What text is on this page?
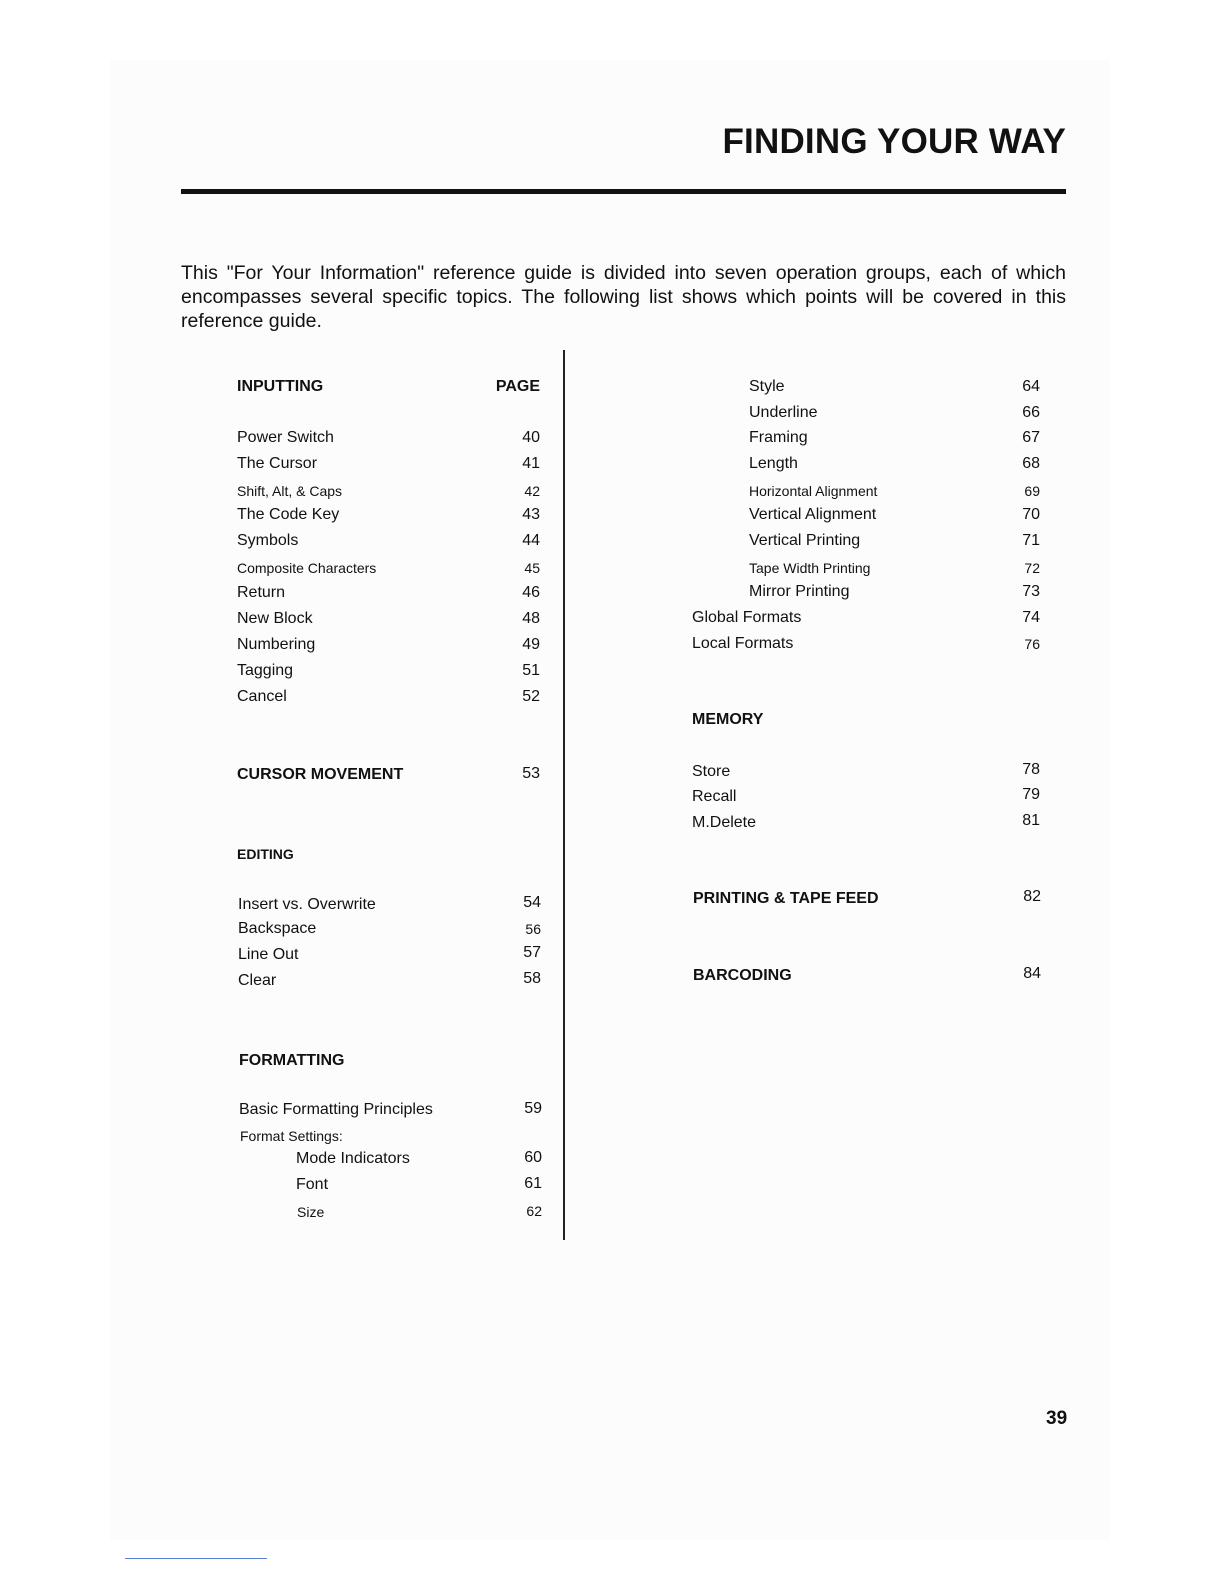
FINDING YOUR WAY
This "For Your Information" reference guide is divided into seven operation groups, each of which encompasses several specific topics. The following list shows which points will be covered in this reference guide.
INPUTTING	PAGE
Power Switch	40
The Cursor	41
Shift, Alt, & Caps	42
The Code Key	43
Symbols	44
Composite Characters	45
Return	46
New Block	48
Numbering	49
Tagging	51
Cancel	52
CURSOR MOVEMENT	53
EDITING
Insert vs. Overwrite	54
Backspace	56
Line Out	57
Clear	58
FORMATTING
Basic Formatting Principles	59
Format Settings:
Mode Indicators	60
Font	61
Size	62
Style	64
Underline	66
Framing	67
Length	68
Horizontal Alignment	69
Vertical Alignment	70
Vertical Printing	71
Tape Width Printing	72
Mirror Printing	73
Global Formats	74
Local Formats	76
MEMORY
Store	78
Recall	79
M.Delete	81
PRINTING & TAPE FEED	82
BARCODING	84
39
